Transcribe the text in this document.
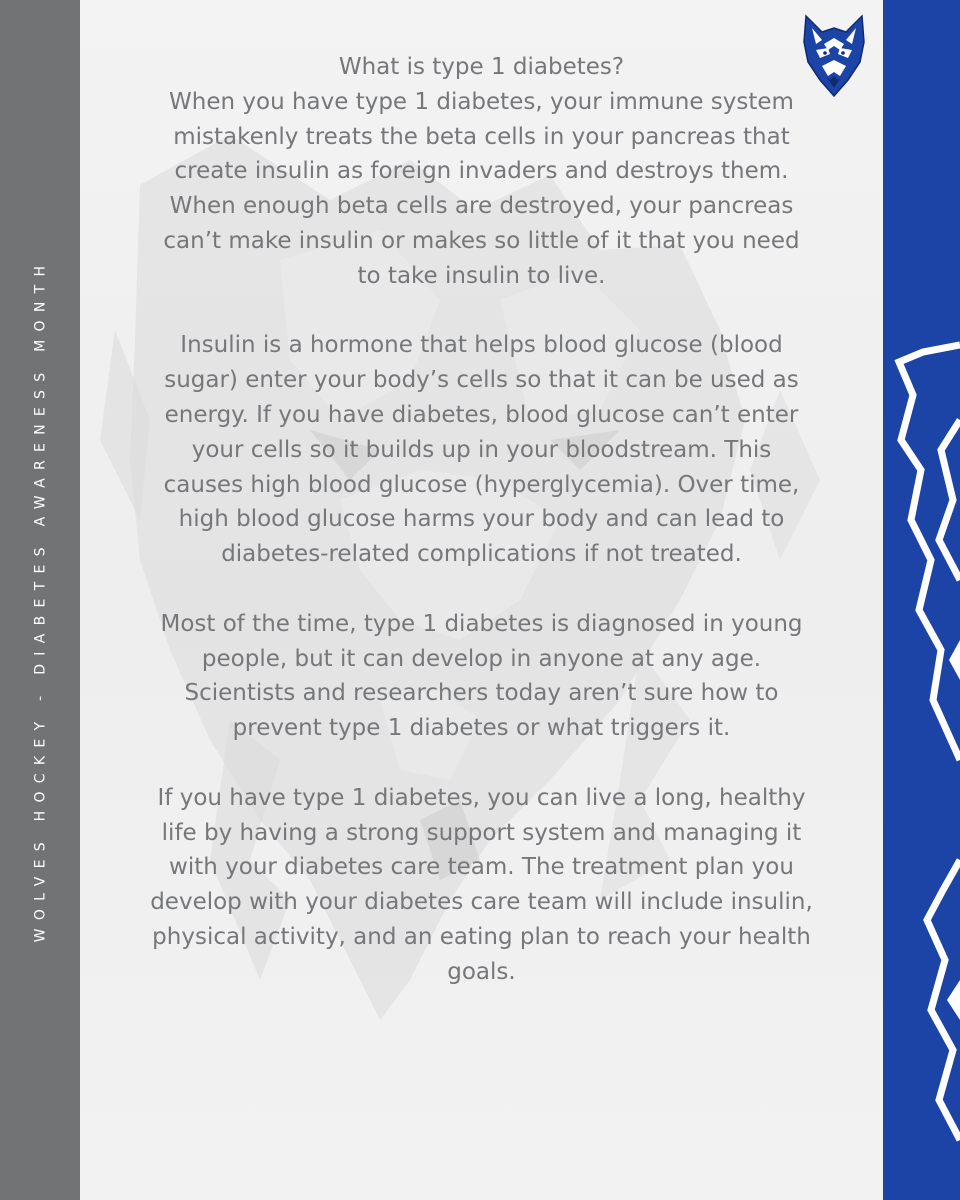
WOLVES HOCKEY - DIABETES AWARENESS MONTH

What is type 1 diabetes?

When you have type 1 diabetes, your immune system mistakenly treats the beta cells in your pancreas that create insulin as foreign invaders and destroys them. When enough beta cells are destroyed, your pancreas can’t make insulin or makes so little of it that you need to take insulin to live.

Insulin is a hormone that helps blood glucose (blood sugar) enter your body’s cells so that it can be used as energy. If you have diabetes, blood glucose can’t enter your cells so it builds up in your bloodstream. This causes high blood glucose (hyperglycemia). Over time, high blood glucose harms your body and can lead to diabetes-related complications if not treated.

Most of the time, type 1 diabetes is diagnosed in young people, but it can develop in anyone at any age. Scientists and researchers today aren’t sure how to prevent type 1 diabetes or what triggers it.

If you have type 1 diabetes, you can live a long, healthy life by having a strong support system and managing it with your diabetes care team. The treatment plan you develop with your diabetes care team will include insulin, physical activity, and an eating plan to reach your health goals.
